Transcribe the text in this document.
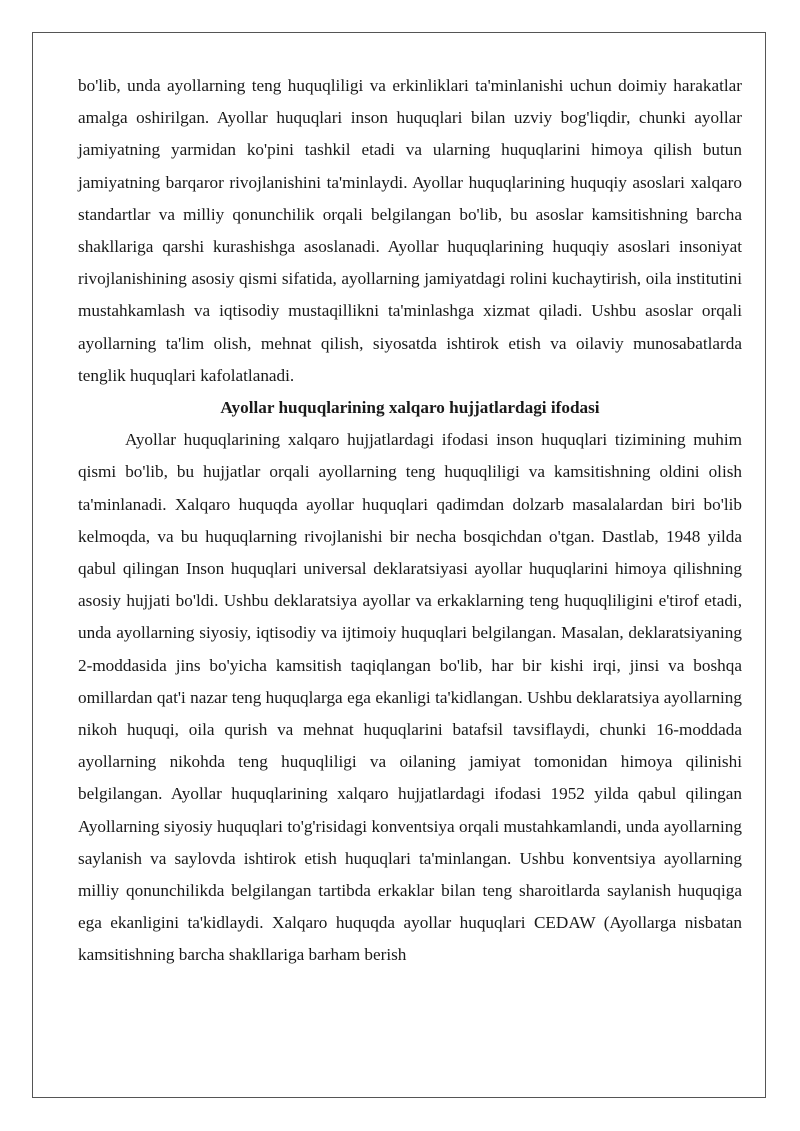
bo'lib, unda ayollarning teng huquqliligi va erkinliklari ta'minlanishi uchun doimiy harakatlar amalga oshirilgan. Ayollar huquqlari inson huquqlari bilan uzviy bog'liqdir, chunki ayollar jamiyatning yarmidan ko'pini tashkil etadi va ularning huquqlarini himoya qilish butun jamiyatning barqaror rivojlanishini ta'minlaydi. Ayollar huquqlarining huquqiy asoslari xalqaro standartlar va milliy qonunchilik orqali belgilangan bo'lib, bu asoslar kamsitishning barcha shakllariga qarshi kurashishga asoslanadi. Ayollar huquqlarining huquqiy asoslari insoniyat rivojlanishining asosiy qismi sifatida, ayollarning jamiyatdagi rolini kuchaytirish, oila institutini mustahkamlash va iqtisodiy mustaqillikni ta'minlashga xizmat qiladi. Ushbu asoslar orqali ayollarning ta'lim olish, mehnat qilish, siyosatda ishtirok etish va oilaviy munosabatlarda tenglik huquqlari kafolatlanadi.

Ayollar huquqlarining xalqaro hujjatlardagi ifodasi

Ayollar huquqlarining xalqaro hujjatlardagi ifodasi inson huquqlari tizimining muhim qismi bo'lib, bu hujjatlar orqali ayollarning teng huquqliligi va kamsitishning oldini olish ta'minlanadi. Xalqaro huquqda ayollar huquqlari qadimdan dolzarb masalalardan biri bo'lib kelmoqda, va bu huquqlarning rivojlanishi bir necha bosqichdan o'tgan. Dastlab, 1948 yilda qabul qilingan Inson huquqlari universal deklaratsiyasi ayollar huquqlarini himoya qilishning asosiy hujjati bo'ldi. Ushbu deklaratsiya ayollar va erkaklarning teng huquqliligini e'tirof etadi, unda ayollarning siyosiy, iqtisodiy va ijtimoiy huquqlari belgilangan. Masalan, deklaratsiyaning 2-moddasida jins bo'yicha kamsitish taqiqlangan bo'lib, har bir kishi irqi, jinsi va boshqa omillardan qat'i nazar teng huquqlarga ega ekanligi ta'kidlangan. Ushbu deklaratsiya ayollarning nikoh huquqi, oila qurish va mehnat huquqlarini batafsil tavsiflaydi, chunki 16-moddada ayollarning nikohda teng huquqliligi va oilaning jamiyat tomonidan himoya qilinishi belgilangan. Ayollar huquqlarining xalqaro hujjatlardagi ifodasi 1952 yilda qabul qilingan Ayollarning siyosiy huquqlari to'g'risidagi konventsiya orqali mustahkamlandi, unda ayollarning saylanish va saylovda ishtirok etish huquqlari ta'minlangan. Ushbu konventsiya ayollarning milliy qonunchilikda belgilangan tartibda erkaklar bilan teng sharoitlarda saylanish huquqiga ega ekanligini ta'kidlaydi. Xalqaro huquqda ayollar huquqlari CEDAW (Ayollarga nisbatan kamsitishning barcha shakllariga barham berish
